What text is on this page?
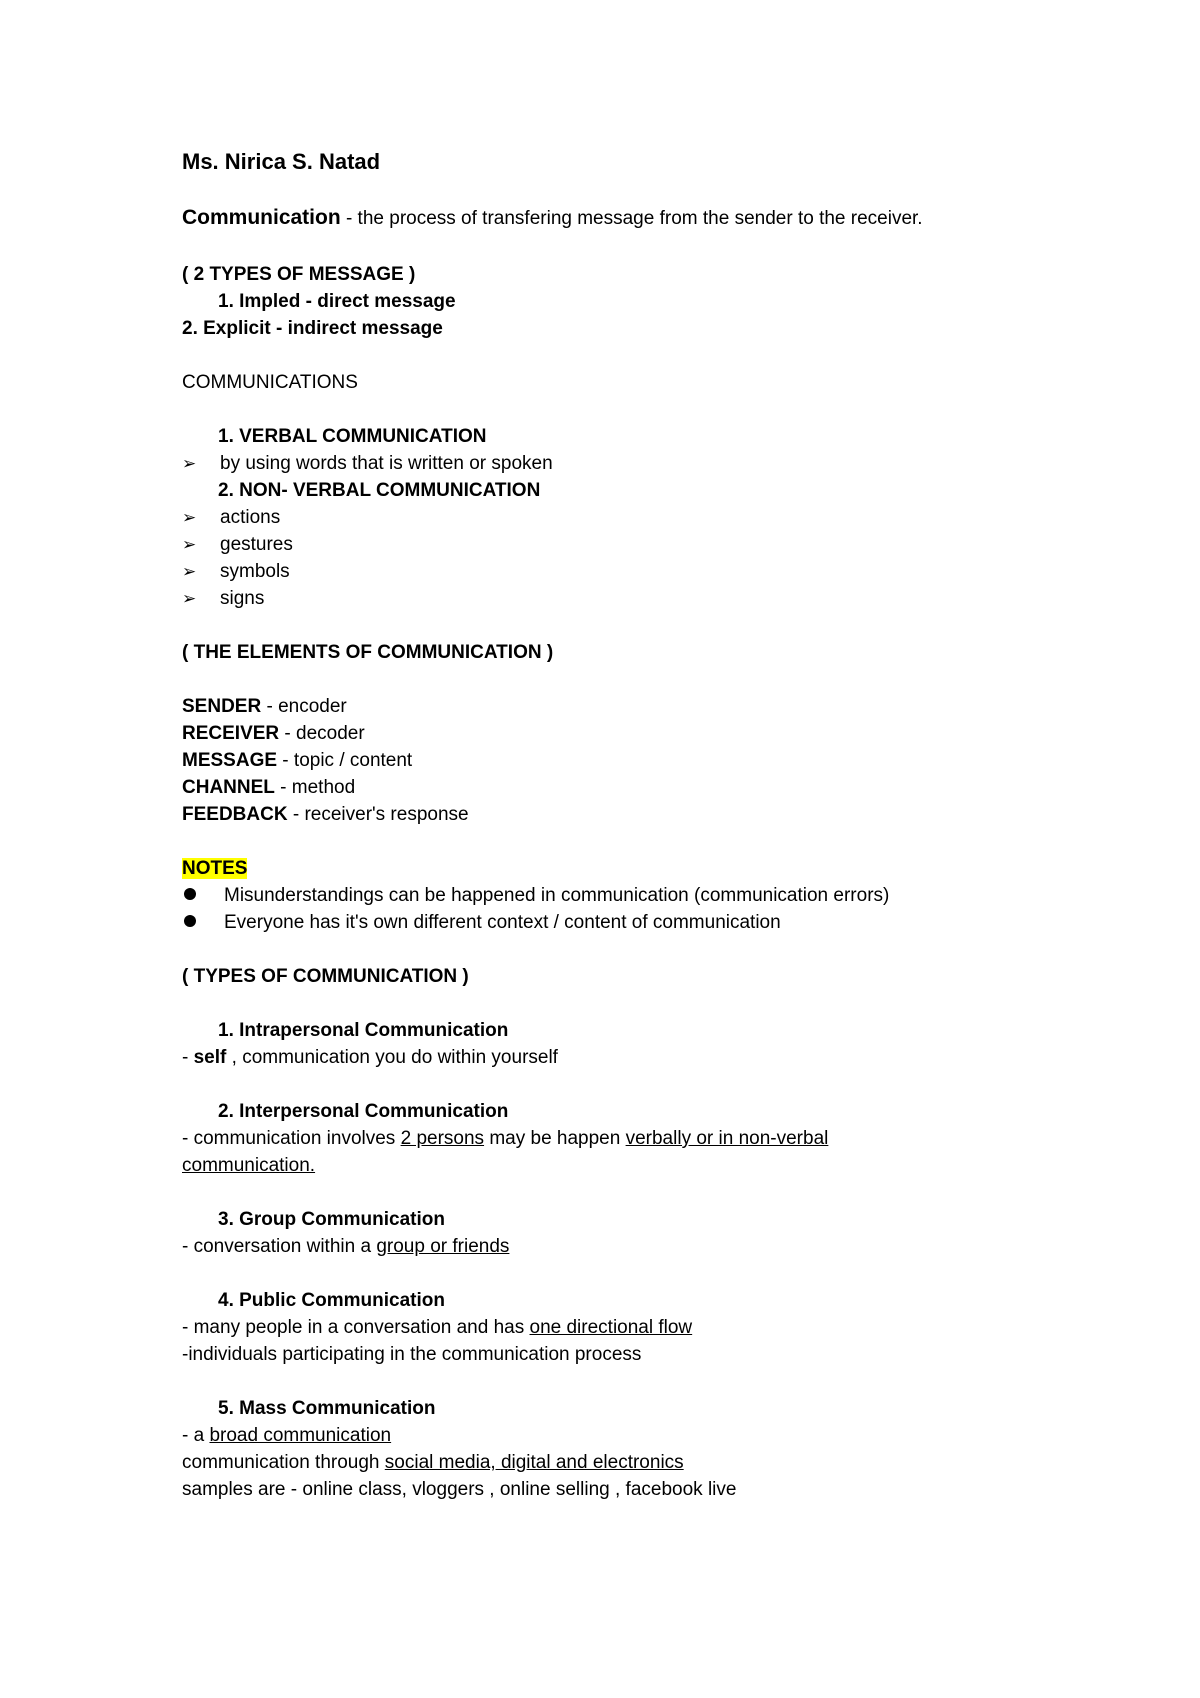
Ms. Nirica S. Natad
Communication - the process of transfering message from the sender to the receiver.
( 2 TYPES OF MESSAGE )
1. Impled - direct message
2. Explicit - indirect message
COMMUNICATIONS
1. VERBAL COMMUNICATION
➢ by using words that is written or spoken
2. NON- VERBAL COMMUNICATION
➢ actions
➢ gestures
➢ symbols
➢ signs
( THE ELEMENTS OF COMMUNICATION )
SENDER - encoder
RECEIVER - decoder
MESSAGE - topic / content
CHANNEL - method
FEEDBACK - receiver's response
NOTES
Misunderstandings can be happened in communication (communication errors)
Everyone has it's own different context / content of communication
( TYPES OF COMMUNICATION )
1. Intrapersonal Communication
- self , communication you do within yourself
2. Interpersonal Communication
- communication involves 2 persons may be happen verbally or in non-verbal
communication.
3. Group Communication
- conversation within a group or friends
4. Public Communication
- many people in a conversation and has one directional flow
-individuals participating in the communication process
5. Mass Communication
- a broad communication
communication through social media, digital and electronics
samples are - online class, vloggers , online selling , facebook live
